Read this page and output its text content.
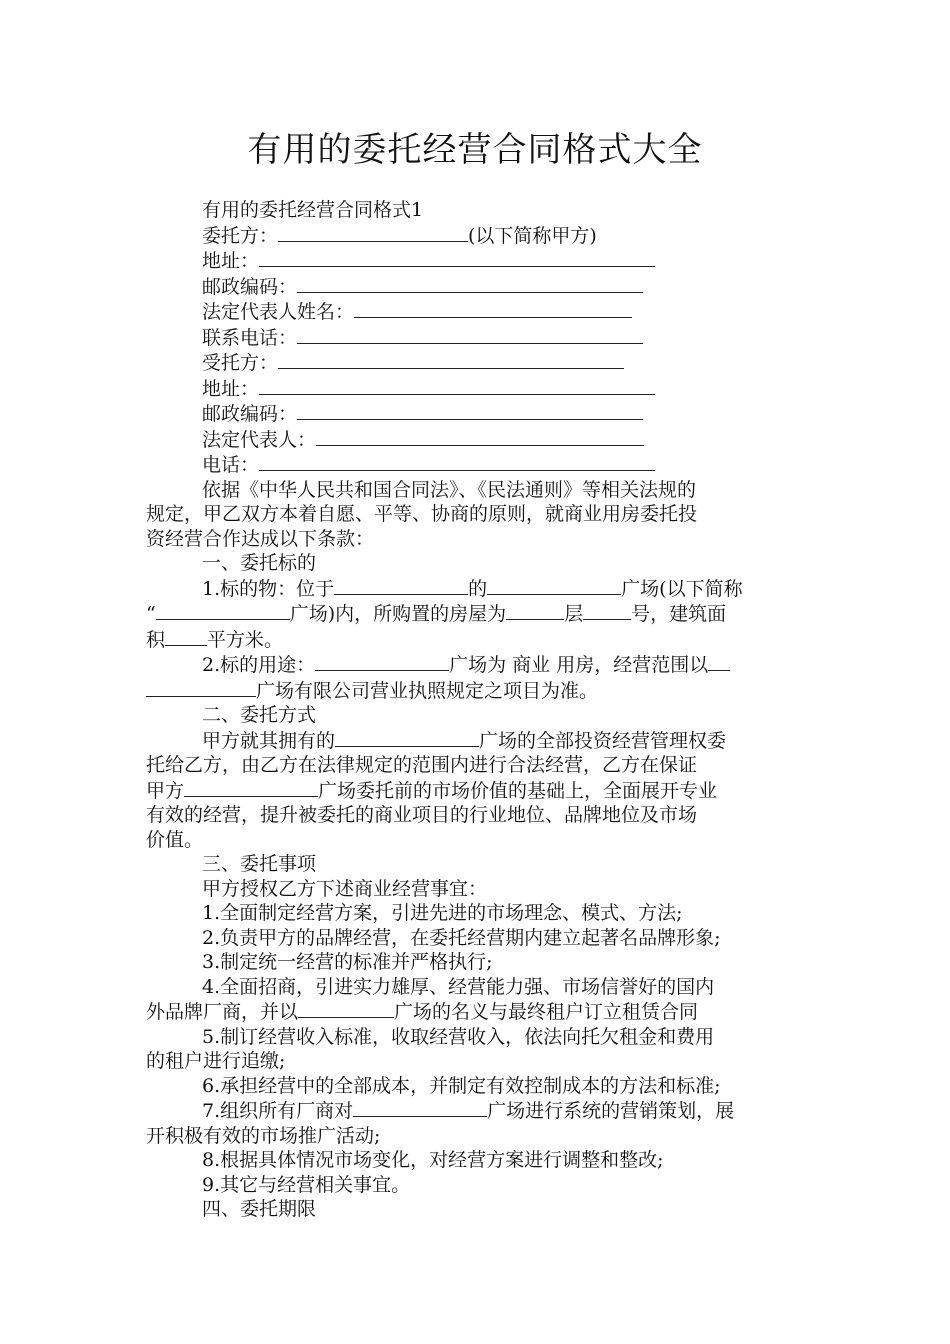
有用的委托经营合同格式大全
有用的委托经营合同格式1
委托方：	(以下简称甲方)
地址：
邮政编码：
法定代表人姓名：
联系电话：
受托方：
地址：
邮政编码：
法定代表人：
电话：
依据《中华人民共和国合同法》、《民法通则》等相关法规的
规定，甲乙双方本着自愿、平等、协商的原则，就商业用房委托投
资经营合作达成以下条款：
一、委托标的
1.标的物：位于	的	广场(以下简称
“	广场)内，所购置的房屋为	层	号，建筑面
积 平方米。
2.标的用途：	广场为 商业 用房，经营范围以
广场有限公司营业执照规定之项目为准。
二、委托方式
甲方就其拥有的	广场的全部投资经营管理权委
托给乙方，由乙方在法律规定的范围内进行合法经营，乙方在保证
甲方	广场委托前的市场价值的基础上，全面展开专业
有效的经营，提升被委托的商业项目的行业地位、品牌地位及市场
价值。
三、委托事项
甲方授权乙方下述商业经营事宜：
1.全面制定经营方案，引进先进的市场理念、模式、方法;
2.负责甲方的品牌经营，在委托经营期内建立起著名品牌形象;
3.制定统一经营的标准并严格执行;
4.全面招商，引进实力雄厚、经营能力强、市场信誉好的国内
外品牌厂商，并以	广场的名义与最终租户订立租赁合同
5.制订经营收入标准，收取经营收入，依法向托欠租金和费用
的租户进行追缴;
6.承担经营中的全部成本，并制定有效控制成本的方法和标准;
7.组织所有厂商对	广场进行系统的营销策划，展
开积极有效的市场推广活动;
8.根据具体情况市场变化，对经营方案进行调整和整改;
9.其它与经营相关事宜。
四、委托期限
